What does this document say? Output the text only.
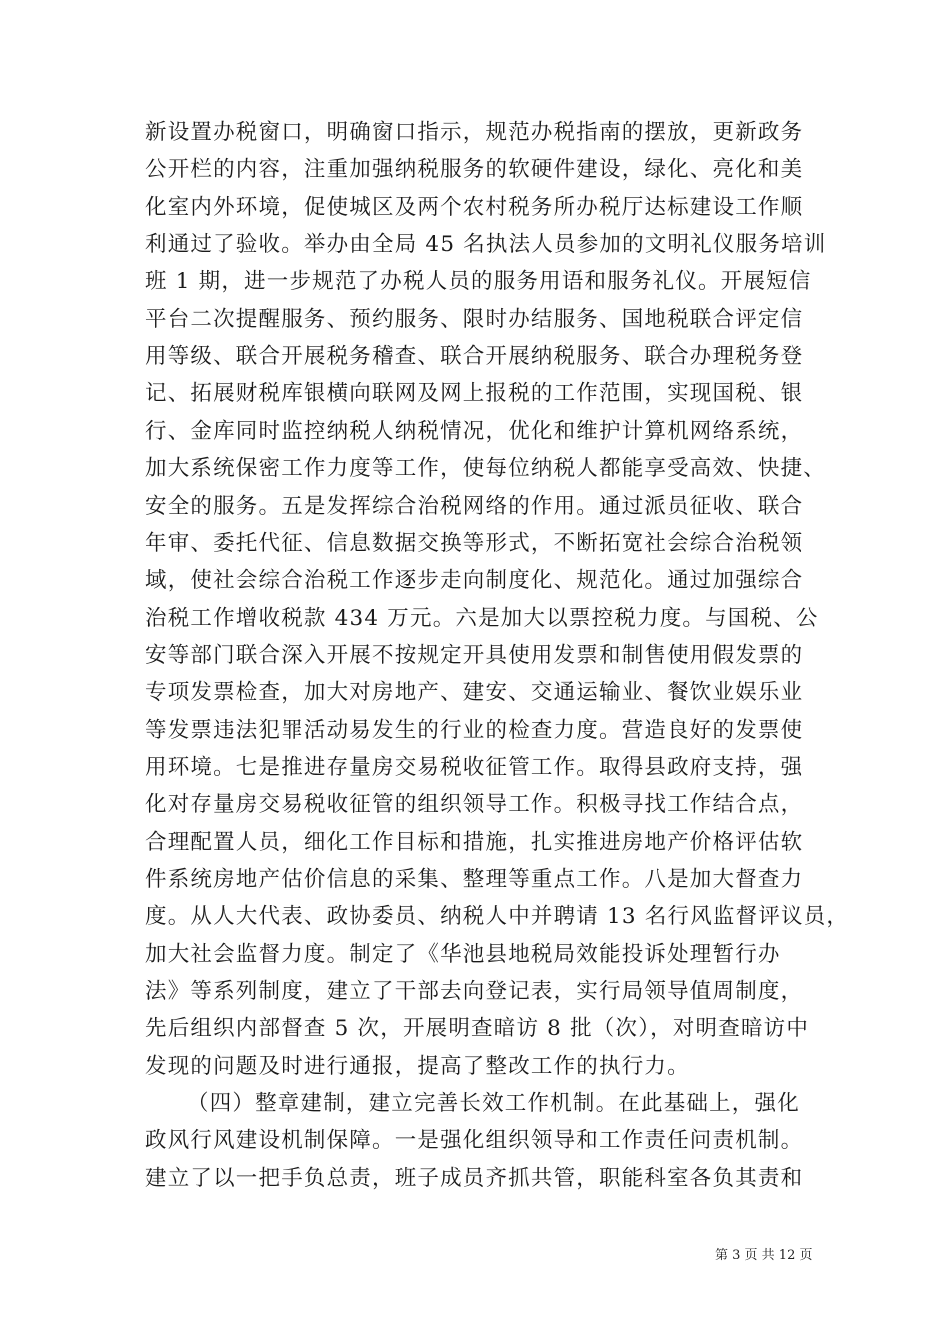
新设置办税窗口，明确窗口指示，规范办税指南的摆放，更新政务
公开栏的内容，注重加强纳税服务的软硬件建设，绿化、亮化和美
化室内外环境，促使城区及两个农村税务所办税厅达标建设工作顺
利通过了验收。举办由全局 45 名执法人员参加的文明礼仪服务培训
班 1 期，进一步规范了办税人员的服务用语和服务礼仪。开展短信
平台二次提醒服务、预约服务、限时办结服务、国地税联合评定信
用等级、联合开展税务稽查、联合开展纳税服务、联合办理税务登
记、拓展财税库银横向联网及网上报税的工作范围，实现国税、银
行、金库同时监控纳税人纳税情况，优化和维护计算机网络系统，
加大系统保密工作力度等工作，使每位纳税人都能享受高效、快捷、
安全的服务。五是发挥综合治税网络的作用。通过派员征收、联合
年审、委托代征、信息数据交换等形式，不断拓宽社会综合治税领
域，使社会综合治税工作逐步走向制度化、规范化。通过加强综合
治税工作增收税款 434 万元。六是加大以票控税力度。与国税、公
安等部门联合深入开展不按规定开具使用发票和制售使用假发票的
专项发票检查，加大对房地产、建安、交通运输业、餐饮业娱乐业
等发票违法犯罪活动易发生的行业的检查力度。营造良好的发票使
用环境。七是推进存量房交易税收征管工作。取得县政府支持，强
化对存量房交易税收征管的组织领导工作。积极寻找工作结合点，
合理配置人员，细化工作目标和措施，扎实推进房地产价格评估软
件系统房地产估价信息的采集、整理等重点工作。八是加大督查力
度。从人大代表、政协委员、纳税人中并聘请 13 名行风监督评议员，
加大社会监督力度。制定了《华池县地税局效能投诉处理暂行办
法》等系列制度，建立了干部去向登记表，实行局领导值周制度，
先后组织内部督查 5 次，开展明查暗访 8 批（次），对明查暗访中
发现的问题及时进行通报，提高了整改工作的执行力。
（四）整章建制，建立完善长效工作机制。在此基础上，强化
政风行风建设机制保障。一是强化组织领导和工作责任问责机制。
建立了以一把手负总责，班子成员齐抓共管，职能科室各负其责和
第 3 页 共 12 页
